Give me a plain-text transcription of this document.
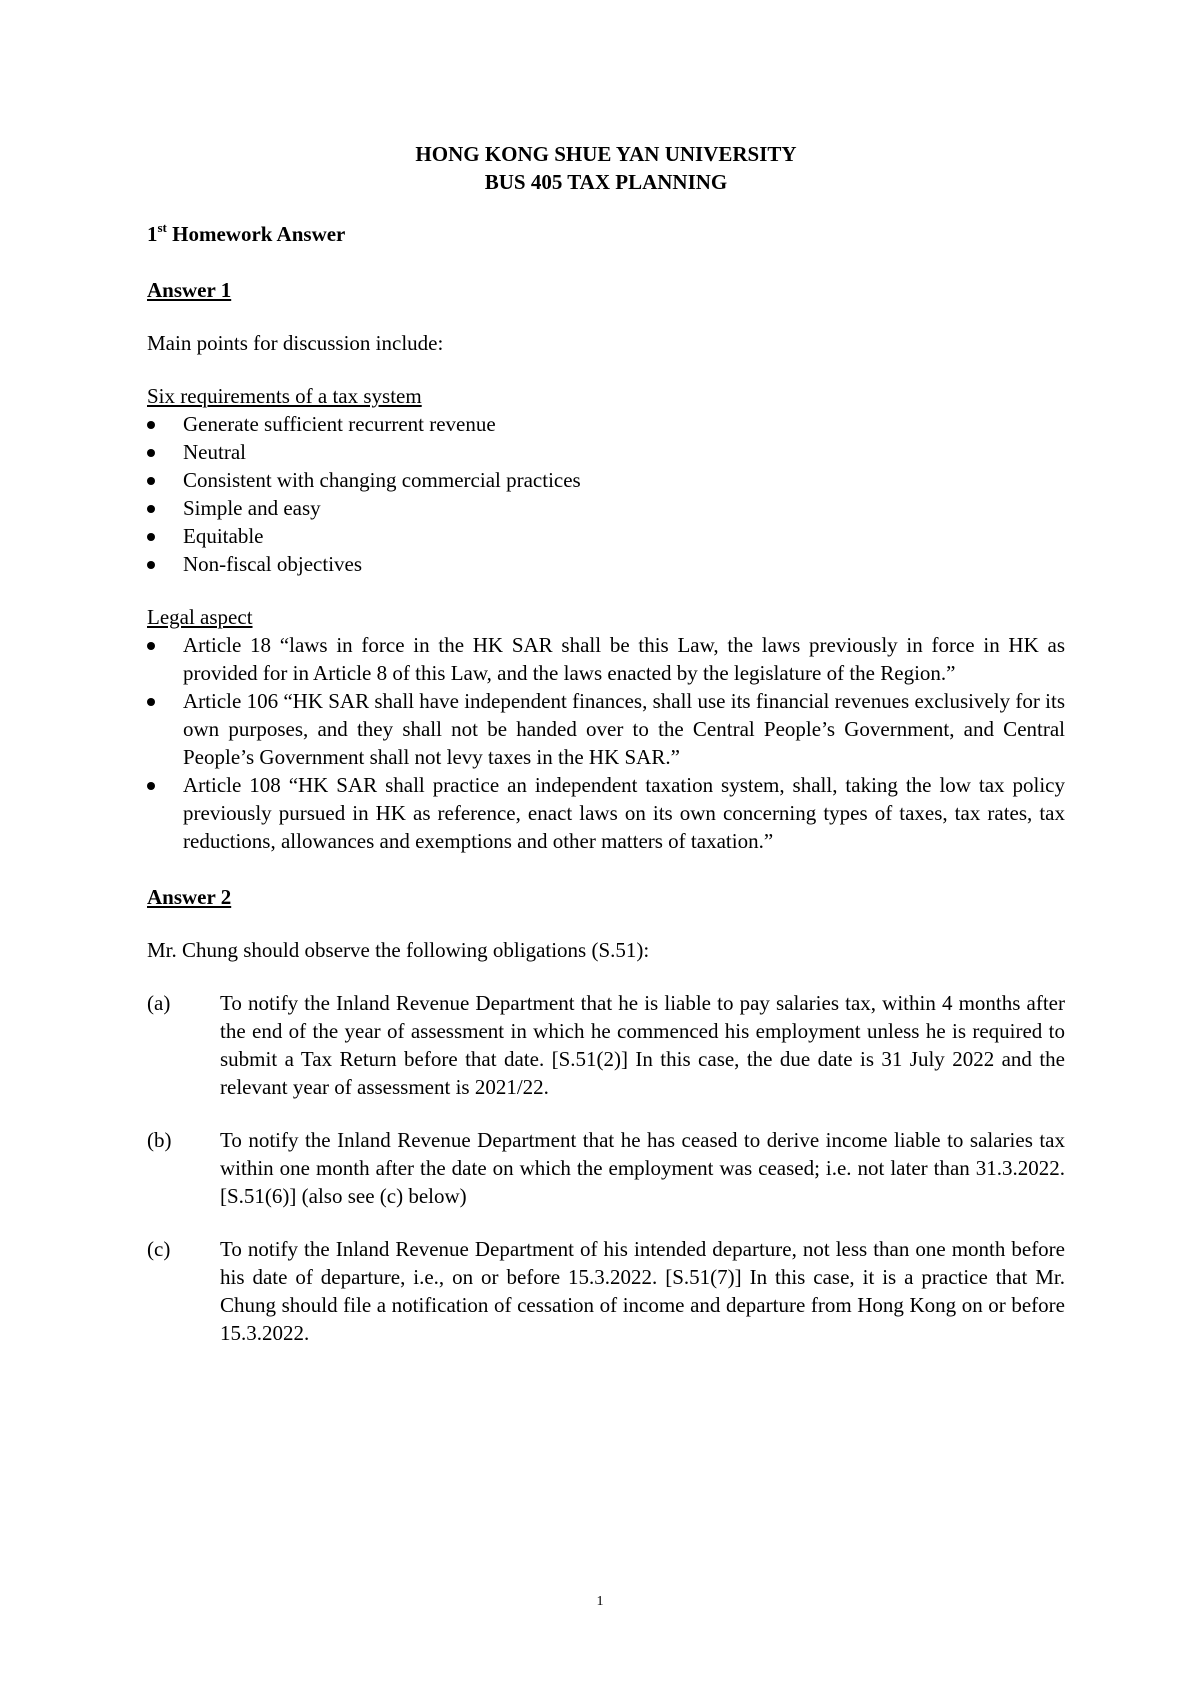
HONG KONG SHUE YAN UNIVERSITY
BUS 405 TAX PLANNING
1st Homework Answer
Answer 1
Main points for discussion include:
Six requirements of a tax system
Generate sufficient recurrent revenue
Neutral
Consistent with changing commercial practices
Simple and easy
Equitable
Non-fiscal objectives
Legal aspect
Article 18 “laws in force in the HK SAR shall be this Law, the laws previously in force in HK as provided for in Article 8 of this Law, and the laws enacted by the legislature of the Region.”
Article 106 “HK SAR shall have independent finances, shall use its financial revenues exclusively for its own purposes, and they shall not be handed over to the Central People’s Government, and Central People’s Government shall not levy taxes in the HK SAR.”
Article 108 “HK SAR shall practice an independent taxation system, shall, taking the low tax policy previously pursued in HK as reference, enact laws on its own concerning types of taxes, tax rates, tax reductions, allowances and exemptions and other matters of taxation.”
Answer 2
Mr. Chung should observe the following obligations (S.51):
(a)	To notify the Inland Revenue Department that he is liable to pay salaries tax, within 4 months after the end of the year of assessment in which he commenced his employment unless he is required to submit a Tax Return before that date. [S.51(2)] In this case, the due date is 31 July 2022 and the relevant year of assessment is 2021/22.
(b)	To notify the Inland Revenue Department that he has ceased to derive income liable to salaries tax within one month after the date on which the employment was ceased; i.e. not later than 31.3.2022. [S.51(6)] (also see (c) below)
(c)	To notify the Inland Revenue Department of his intended departure, not less than one month before his date of departure, i.e., on or before 15.3.2022. [S.51(7)] In this case, it is a practice that Mr. Chung should file a notification of cessation of income and departure from Hong Kong on or before 15.3.2022.
1
